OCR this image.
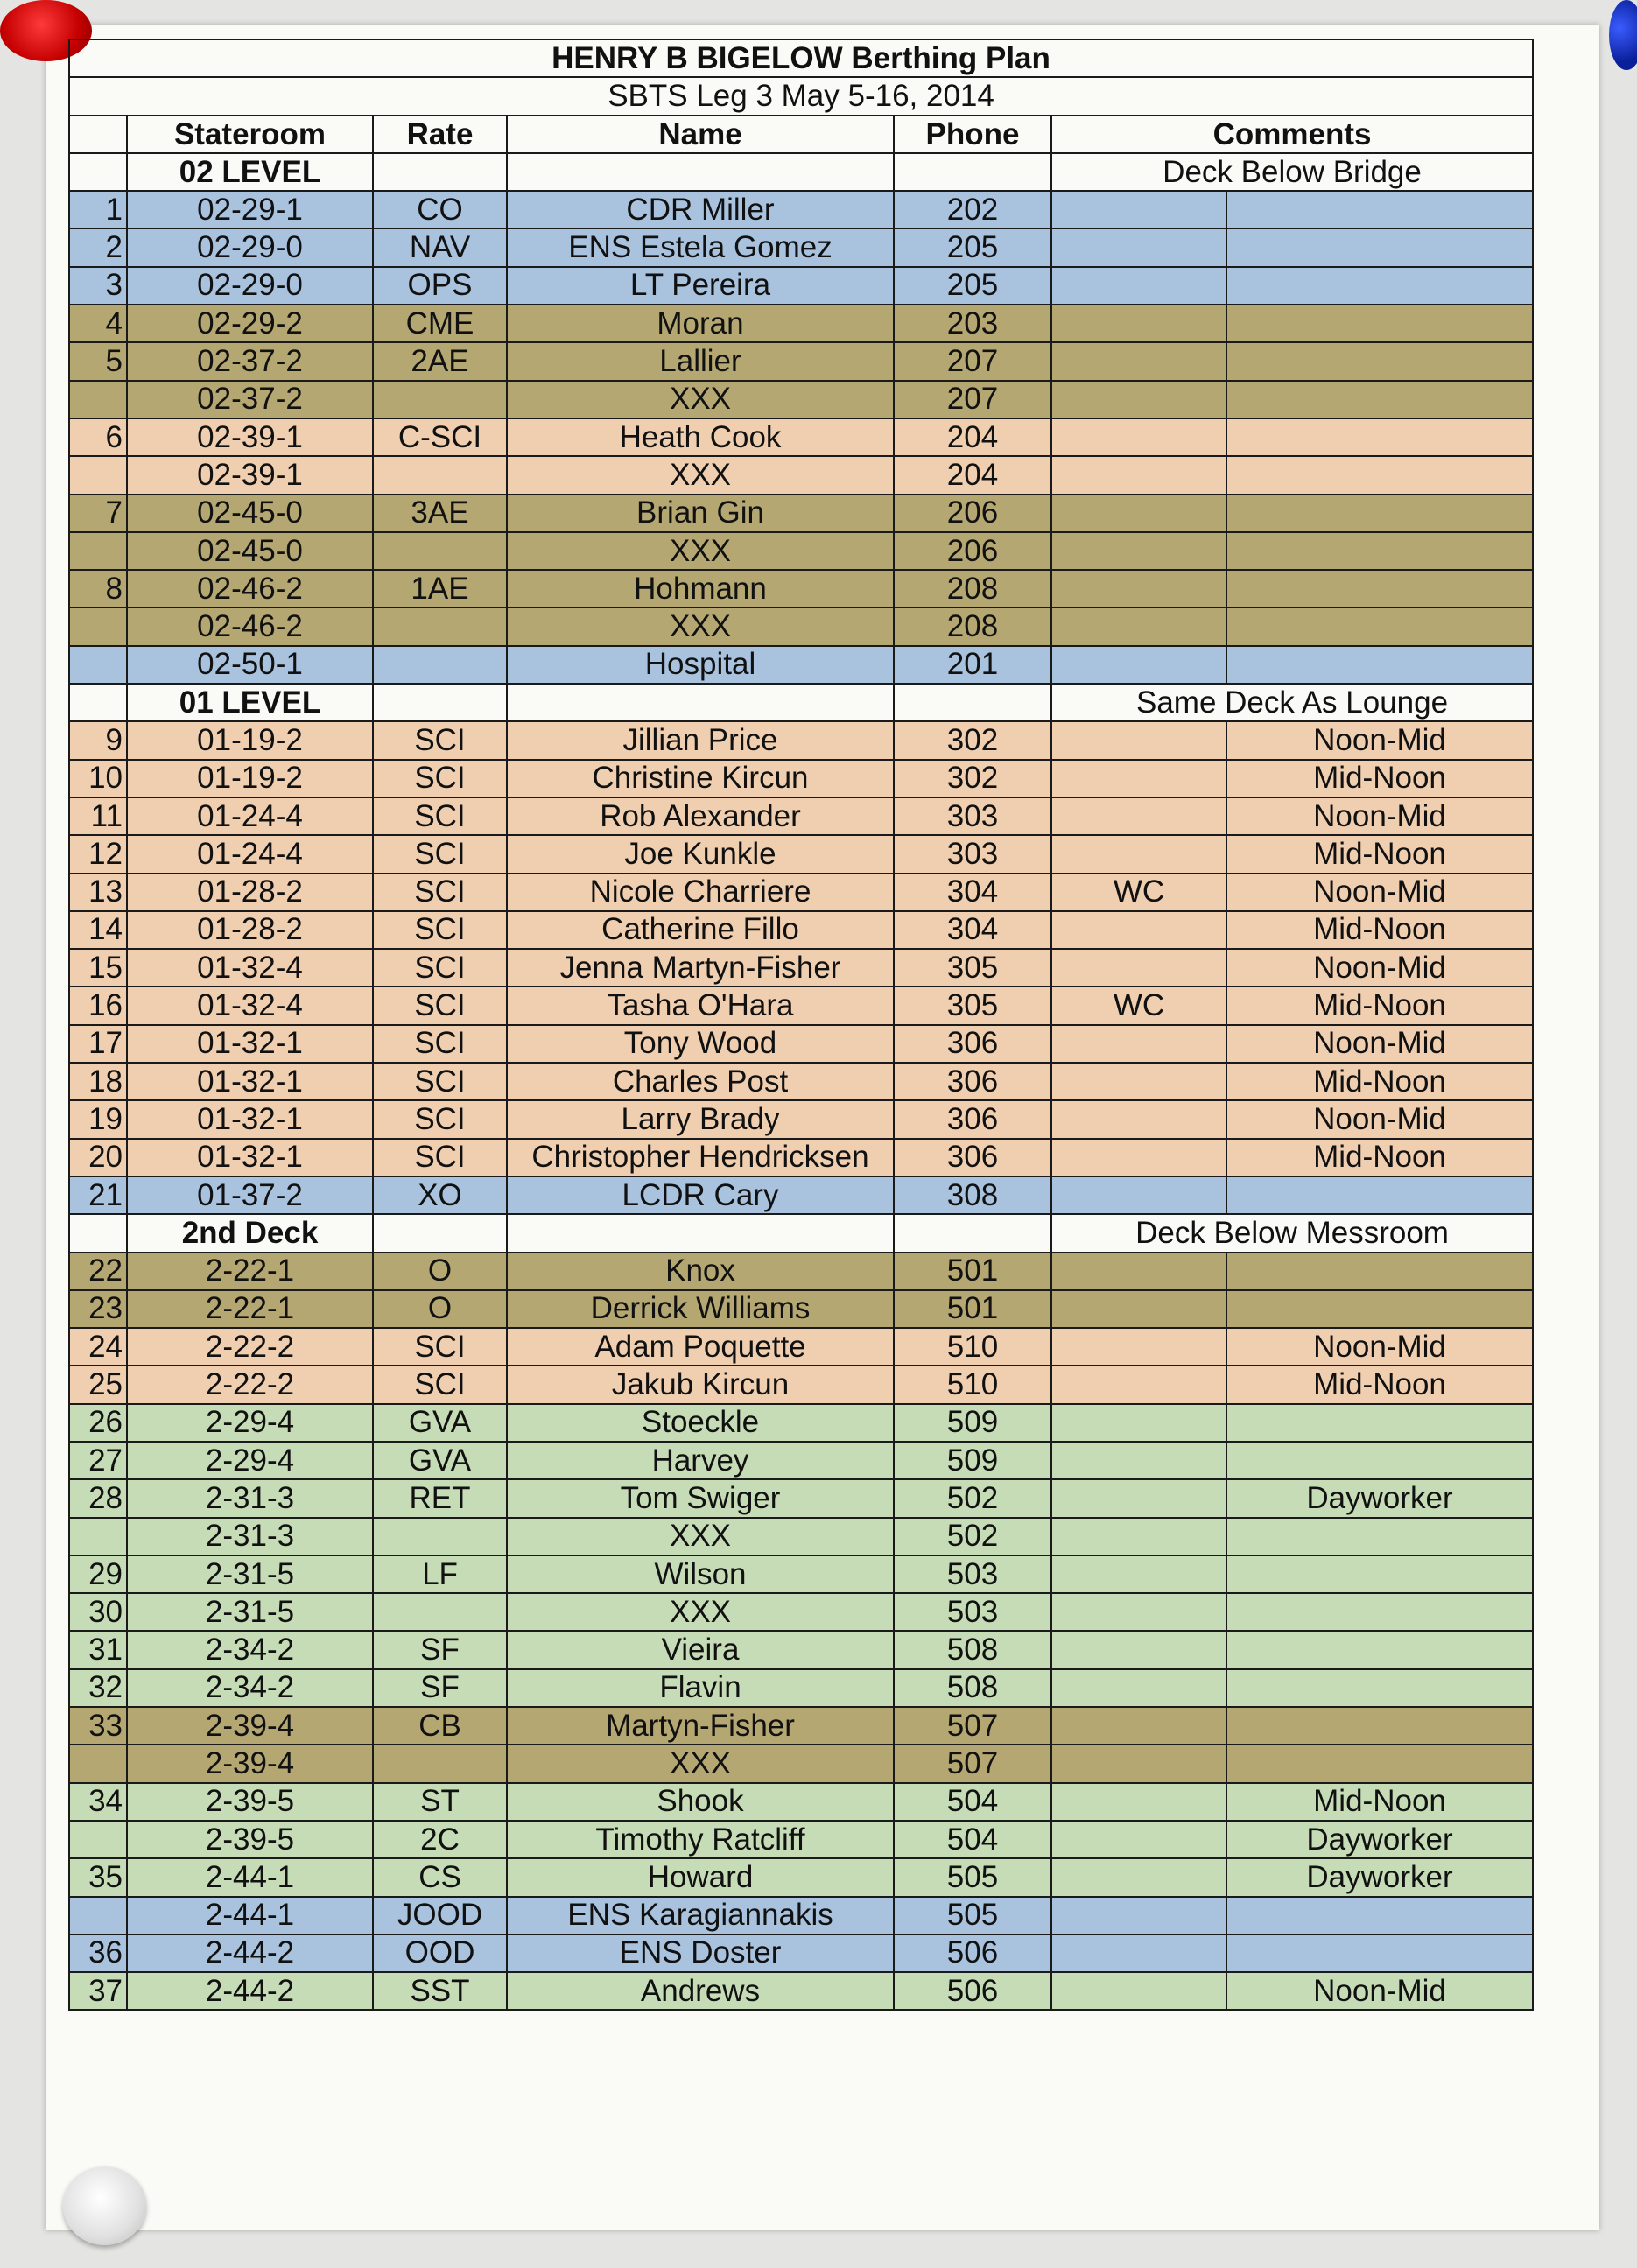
HENRY B BIGELOW Berthing Plan						
SBTS Leg 3 May 5-16, 2014						
	Stateroom	Rate	Name	Phone	Comments	
	02 LEVEL				Deck Below Bridge	
1	02-29-1	CO	CDR Miller	202		
2	02-29-0	NAV	ENS Estela Gomez	205		
3	02-29-0	OPS	LT Pereira	205		
4	02-29-2	CME	Moran	203		
5	02-37-2	2AE	Lallier	207		
	02-37-2		XXX	207		
6	02-39-1	C-SCI	Heath Cook	204		
	02-39-1		XXX	204		
7	02-45-0	3AE	Brian Gin	206		
	02-45-0		XXX	206		
8	02-46-2	1AE	Hohmann	208		
	02-46-2		XXX	208		
	02-50-1		Hospital	201		
	01 LEVEL				Same Deck As Lounge	
9	01-19-2	SCI	Jillian Price	302		Noon-Mid
10	01-19-2	SCI	Christine Kircun	302		Mid-Noon
11	01-24-4	SCI	Rob Alexander	303		Noon-Mid
12	01-24-4	SCI	Joe Kunkle	303		Mid-Noon
13	01-28-2	SCI	Nicole Charriere	304	WC	Noon-Mid
14	01-28-2	SCI	Catherine Fillo	304		Mid-Noon
15	01-32-4	SCI	Jenna Martyn-Fisher	305		Noon-Mid
16	01-32-4	SCI	Tasha O'Hara	305	WC	Mid-Noon
17	01-32-1	SCI	Tony Wood	306		Noon-Mid
18	01-32-1	SCI	Charles Post	306		Mid-Noon
19	01-32-1	SCI	Larry Brady	306		Noon-Mid
20	01-32-1	SCI	Christopher Hendricksen	306		Mid-Noon
21	01-37-2	XO	LCDR Cary	308		
	2nd Deck				Deck Below Messroom	
22	2-22-1	O	Knox	501		
23	2-22-1	O	Derrick Williams	501		
24	2-22-2	SCI	Adam Poquette	510		Noon-Mid
25	2-22-2	SCI	Jakub Kircun	510		Mid-Noon
26	2-29-4	GVA	Stoeckle	509		
27	2-29-4	GVA	Harvey	509		
28	2-31-3	RET	Tom Swiger	502		Dayworker
	2-31-3		XXX	502		
29	2-31-5	LF	Wilson	503		
30	2-31-5		XXX	503		
31	2-34-2	SF	Vieira	508		
32	2-34-2	SF	Flavin	508		
33	2-39-4	CB	Martyn-Fisher	507		
	2-39-4		XXX	507		
34	2-39-5	ST	Shook	504		Mid-Noon
	2-39-5	2C	Timothy Ratcliff	504		Dayworker
35	2-44-1	CS	Howard	505		Dayworker
	2-44-1	JOOD	ENS Karagiannakis	505		
36	2-44-2	OOD	ENS Doster	506		
37	2-44-2	SST	Andrews	506		Noon-Mid
